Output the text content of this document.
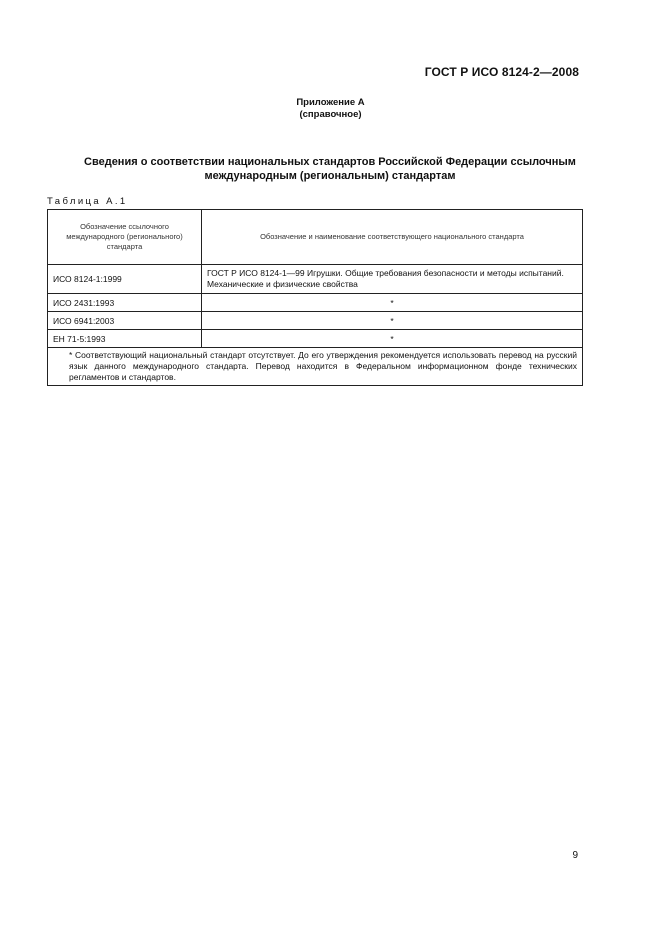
ГОСТ Р ИСО 8124-2—2008
Приложение А
(справочное)
Сведения о соответствии национальных стандартов Российской Федерации ссылочным
международным (региональным) стандартам
Таблица А.1
Обозначение ссылочного международного (регионального) стандарта	Обозначение и наименование соответствующего национального стандарта
ИСО 8124-1:1999	ГОСТ Р ИСО 8124-1—99 Игрушки. Общие требования безопасности и методы испытаний. Механические и физические свойства
ИСО 2431:1993	*
ИСО 6941:2003	*
ЕН 71-5:1993	*

* Соответствующий национальный стандарт отсутствует. До его утверждения рекомендуется использовать перевод на русский язык данного международного стандарта. Перевод находится в Федеральном информационном фонде технических регламентов и стандартов.	
9
